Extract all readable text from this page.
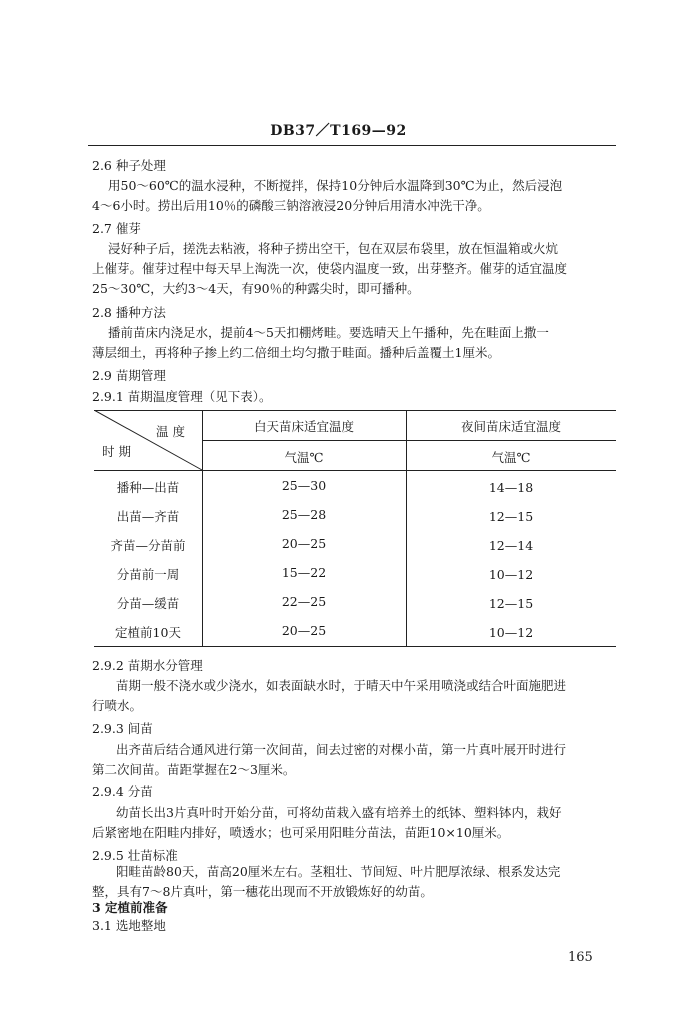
DB37／T169—92
2.6 种子处理
用50～60℃的温水浸种，不断搅拌，保持10分钟后水温降到30℃为止，然后浸泡
4～6小时。捞出后用10％的磷酸三钠溶液浸20分钟后用清水冲洗干净。
2.7 催芽
浸好种子后，搓洗去粘液，将种子捞出空干，包在双层布袋里，放在恒温箱或火炕
上催芽。催芽过程中每天早上淘洗一次，使袋内温度一致，出芽整齐。催芽的适宜温度
25～30℃，大约3～4天，有90％的种露尖时，即可播种。
2.8 播种方法
播前苗床内浇足水，提前4～5天扣棚烤畦。要选晴天上午播种，先在畦面上撒一
薄层细土，再将种子掺上约二倍细土均匀撒于畦面。播种后盖覆土1厘米。
2.9 苗期管理
2.9.1 苗期温度管理（见下表）。
温 度
时 期
白天苗床适宜温度	夜间苗床适宜温度
气温℃	气温℃
播种—出苗	25—30	14—18
出苗—齐苗	25—28	12—15
齐苗—分苗前	20—25	12—14
分苗前一周	15—22	10—12
分苗—缓苗	22—25	12—15
定植前10天	20—25	10—12
2.9.2 苗期水分管理
苗期一般不浇水或少浇水，如表面缺水时，于晴天中午采用喷浇或结合叶面施肥进
行喷水。
2.9.3 间苗
出齐苗后结合通风进行第一次间苗，间去过密的对棵小苗，第一片真叶展开时进行
第二次间苗。苗距掌握在2～3厘米。
2.9.4 分苗
幼苗长出3片真叶时开始分苗，可将幼苗栽入盛有培养土的纸钵、塑料钵内，栽好
后紧密地在阳畦内排好，喷透水；也可采用阳畦分苗法，苗距10×10厘米。
2.9.5 壮苗标准
阳畦苗龄80天，苗高20厘米左右。茎粗壮、节间短、叶片肥厚浓绿、根系发达完
整，具有7～8片真叶，第一穗花出现而不开放锻炼好的幼苗。
3 定植前准备
3.1 选地整地
165
